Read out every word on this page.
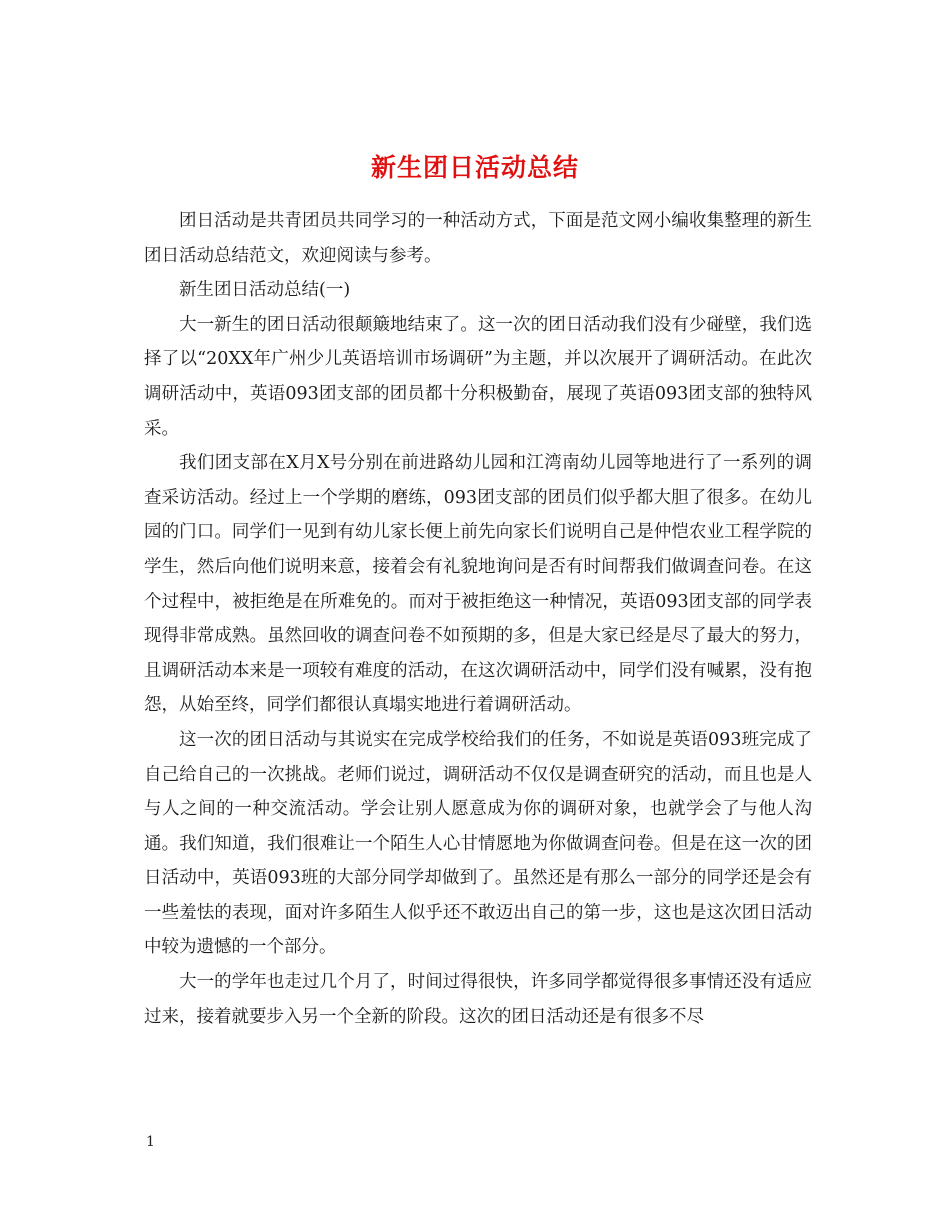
新生团日活动总结

团日活动是共青团员共同学习的一种活动方式，下面是范文网小编收集整理的新生团日活动总结范文，欢迎阅读与参考。

新生团日活动总结(一)

大一新生的团日活动很颠簸地结束了。这一次的团日活动我们没有少碰壁，我们选择了以“20XX年广州少儿英语培训市场调研”为主题，并以次展开了调研活动。在此次调研活动中，英语093团支部的团员都十分积极勤奋，展现了英语093团支部的独特风采。

我们团支部在X月X号分别在前进路幼儿园和江湾南幼儿园等地进行了一系列的调查采访活动。经过上一个学期的磨练，093团支部的团员们似乎都大胆了很多。在幼儿园的门口。同学们一见到有幼儿家长便上前先向家长们说明自己是仲恺农业工程学院的学生，然后向他们说明来意，接着会有礼貌地询问是否有时间帮我们做调查问卷。在这个过程中，被拒绝是在所难免的。而对于被拒绝这一种情况，英语093团支部的同学表现得非常成熟。虽然回收的调查问卷不如预期的多，但是大家已经是尽了最大的努力，且调研活动本来是一项较有难度的活动，在这次调研活动中，同学们没有喊累，没有抱怨，从始至终，同学们都很认真塌实地进行着调研活动。

这一次的团日活动与其说实在完成学校给我们的任务，不如说是英语093班完成了自己给自己的一次挑战。老师们说过，调研活动不仅仅是调查研究的活动，而且也是人与人之间的一种交流活动。学会让别人愿意成为你的调研对象，也就学会了与他人沟通。我们知道，我们很难让一个陌生人心甘情愿地为你做调查问卷。但是在这一次的团日活动中，英语093班的大部分同学却做到了。虽然还是有那么一部分的同学还是会有一些羞怯的表现，面对许多陌生人似乎还不敢迈出自己的第一步，这也是这次团日活动中较为遗憾的一个部分。

大一的学年也走过几个月了，时间过得很快，许多同学都觉得很多事情还没有适应过来，接着就要步入另一个全新的阶段。这次的团日活动还是有很多不尽

1
